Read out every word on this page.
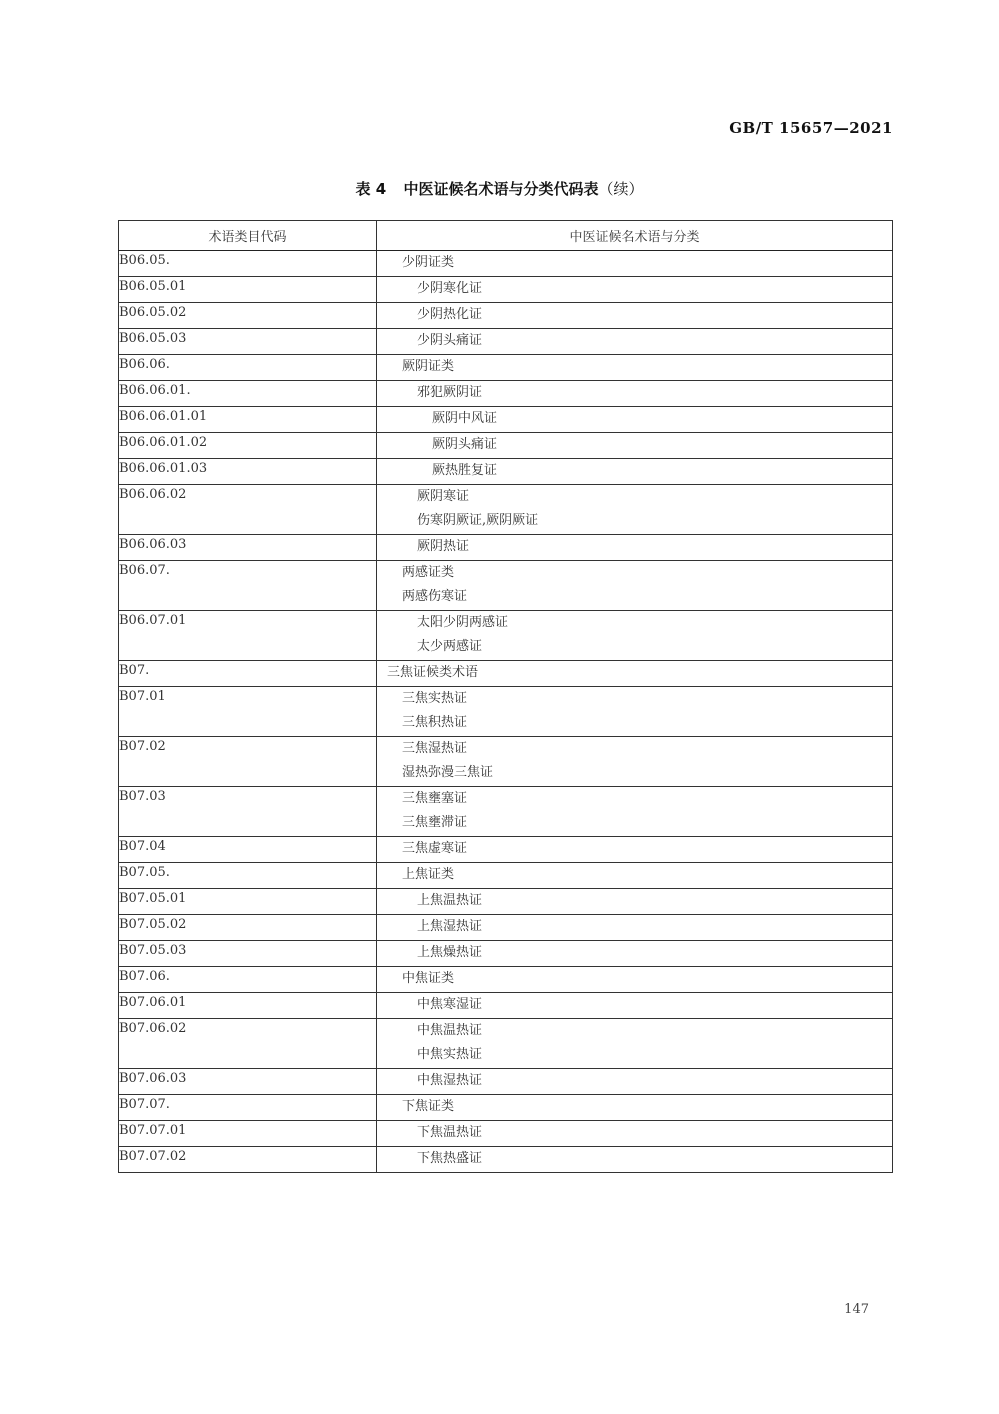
GB/T 15657—2021
表 4 中医证候名术语与分类代码表（续）
术语类目代码	中医证候名术语与分类
B06.05.	少阴证类

B06.05.01	少阴寒化证

B06.05.02	少阴热化证

B06.05.03	少阴头痛证

B06.06.	厥阴证类

B06.06.01.	邪犯厥阴证

B06.06.01.01	厥阴中风证

B06.06.01.02	厥阴头痛证

B06.06.01.03	厥热胜复证

B06.06.02	厥阴寒证
伤寒阴厥证,厥阴厥证

B06.06.03	厥阴热证

B06.07.	两感证类
两感伤寒证

B06.07.01	太阳少阴两感证
太少两感证

B07.	三焦证候类术语

B07.01	三焦实热证
三焦积热证

B07.02	三焦湿热证
湿热弥漫三焦证

B07.03	三焦壅塞证
三焦壅滞证

B07.04	三焦虚寒证

B07.05.	上焦证类

B07.05.01	上焦温热证

B07.05.02	上焦湿热证

B07.05.03	上焦燥热证

B07.06.	中焦证类

B07.06.01	中焦寒湿证

B07.06.02	中焦温热证
中焦实热证

B07.06.03	中焦湿热证

B07.07.	下焦证类

B07.07.01	下焦温热证

B07.07.02	下焦热盛证
147
